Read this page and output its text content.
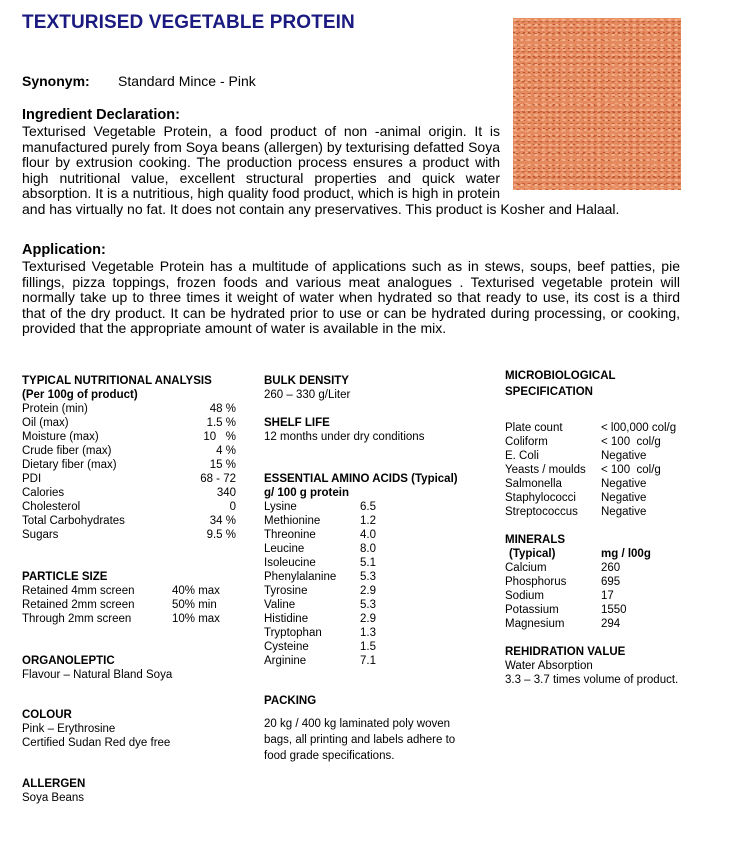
TEXTURISED VEGETABLE PROTEIN
Synonym: Standard Mince - Pink
Ingredient Declaration:
Texturised Vegetable Protein, a food product of non -animal origin. It is manufactured purely from Soya beans (allergen) by texturising defatted Soya flour by extrusion cooking. The production process ensures a product with high nutritional value, excellent structural properties and quick water absorption. It is a nutritious, high quality food product, which is high in protein and has virtually no fat. It does not contain any preservatives. This product is Kosher and Halaal.
Application:
Texturised Vegetable Protein has a multitude of applications such as in stews, soups, beef patties, pie fillings, pizza toppings, frozen foods and various meat analogues . Texturised vegetable protein will normally take up to three times it weight of water when hydrated so that ready to use, its cost is a third that of the dry product. It can be hydrated prior to use or can be hydrated during processing, or cooking, provided that the appropriate amount of water is available in the mix.
TYPICAL NUTRITIONAL ANALYSIS
(Per 100g of product)
Protein (min)	48 %
Oil (max)	1.5 %
Moisture (max)	10   %
Crude fiber (max)	4 %
Dietary fiber (max)	15 %
PDI	68 - 72
Calories	340
Cholesterol	0
Total Carbohydrates	34 %
Sugars	9.5 %
PARTICLE SIZE
Retained 4mm screen	40% max
Retained 2mm screen	50% min
Through 2mm screen	10% max
ORGANOLEPTIC
Flavour – Natural Bland Soya
COLOUR
Pink – Erythrosine
Certified Sudan Red dye free
ALLERGEN
Soya Beans
BULK DENSITY
260 – 330 g/Liter
SHELF LIFE
12 months under dry conditions
ESSENTIAL AMINO ACIDS (Typical)
g/ 100 g protein
Lysine	6.5
Methionine	1.2
Threonine	4.0
Leucine	8.0
Isoleucine	5.1
Phenylalanine	5.3
Tyrosine	2.9
Valine	5.3
Histidine	2.9
Tryptophan	1.3
Cysteine	1.5
Arginine	7.1
PACKING
20 kg / 400 kg laminated poly woven
bags, all printing and labels adhere to
food grade specifications.
MICROBIOLOGICAL
SPECIFICATION
Plate count	< l00,000 col/g
Coliform	< 100  col/g
E. Coli	Negative
Yeasts / moulds	< 100  col/g
Salmonella	Negative
Staphylococci	Negative
Streptococcus	Negative
MINERALS
(Typical)	mg / l00g
Calcium	260
Phosphorus	695
Sodium	17
Potassium	1550
Magnesium	294
REHIDRATION VALUE
Water Absorption
3.3 – 3.7 times volume of product.
